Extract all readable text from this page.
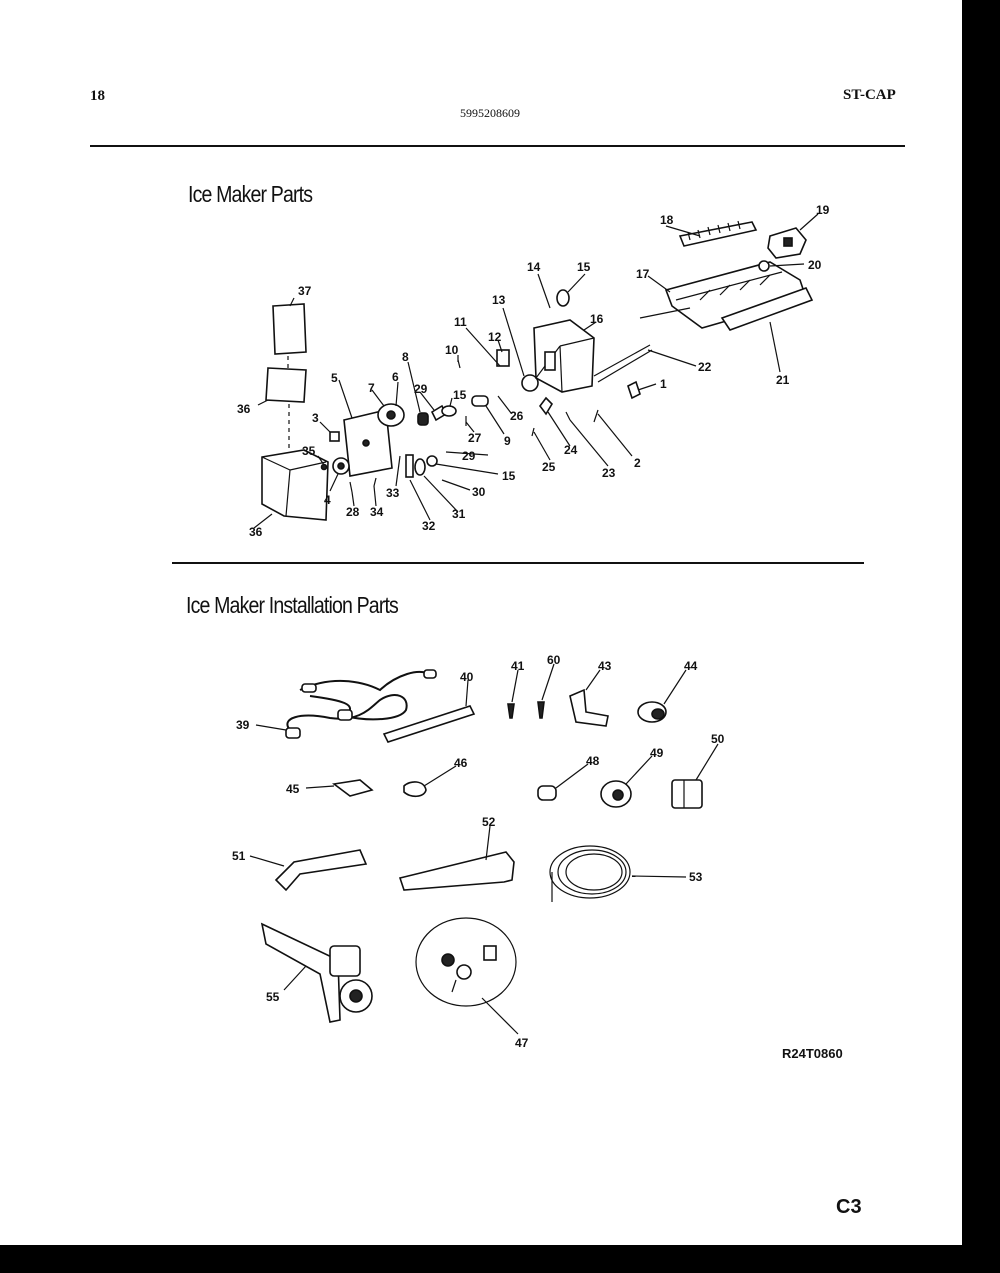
18
5995208609
ST-CAP
Ice Maker Parts
Ice Maker Installation Parts
1
2
3
4
5	6
7
8
9
10
11
12
13
14	15
15
15
16
17
18
19
20
21
22
23
24
25
26
27
28
29
29
30
31
32
33
34
35
36
36
37
39
40
41 60	43	44
45
46	48
49
50
51
52
53
55
47
R24T0860
C3
